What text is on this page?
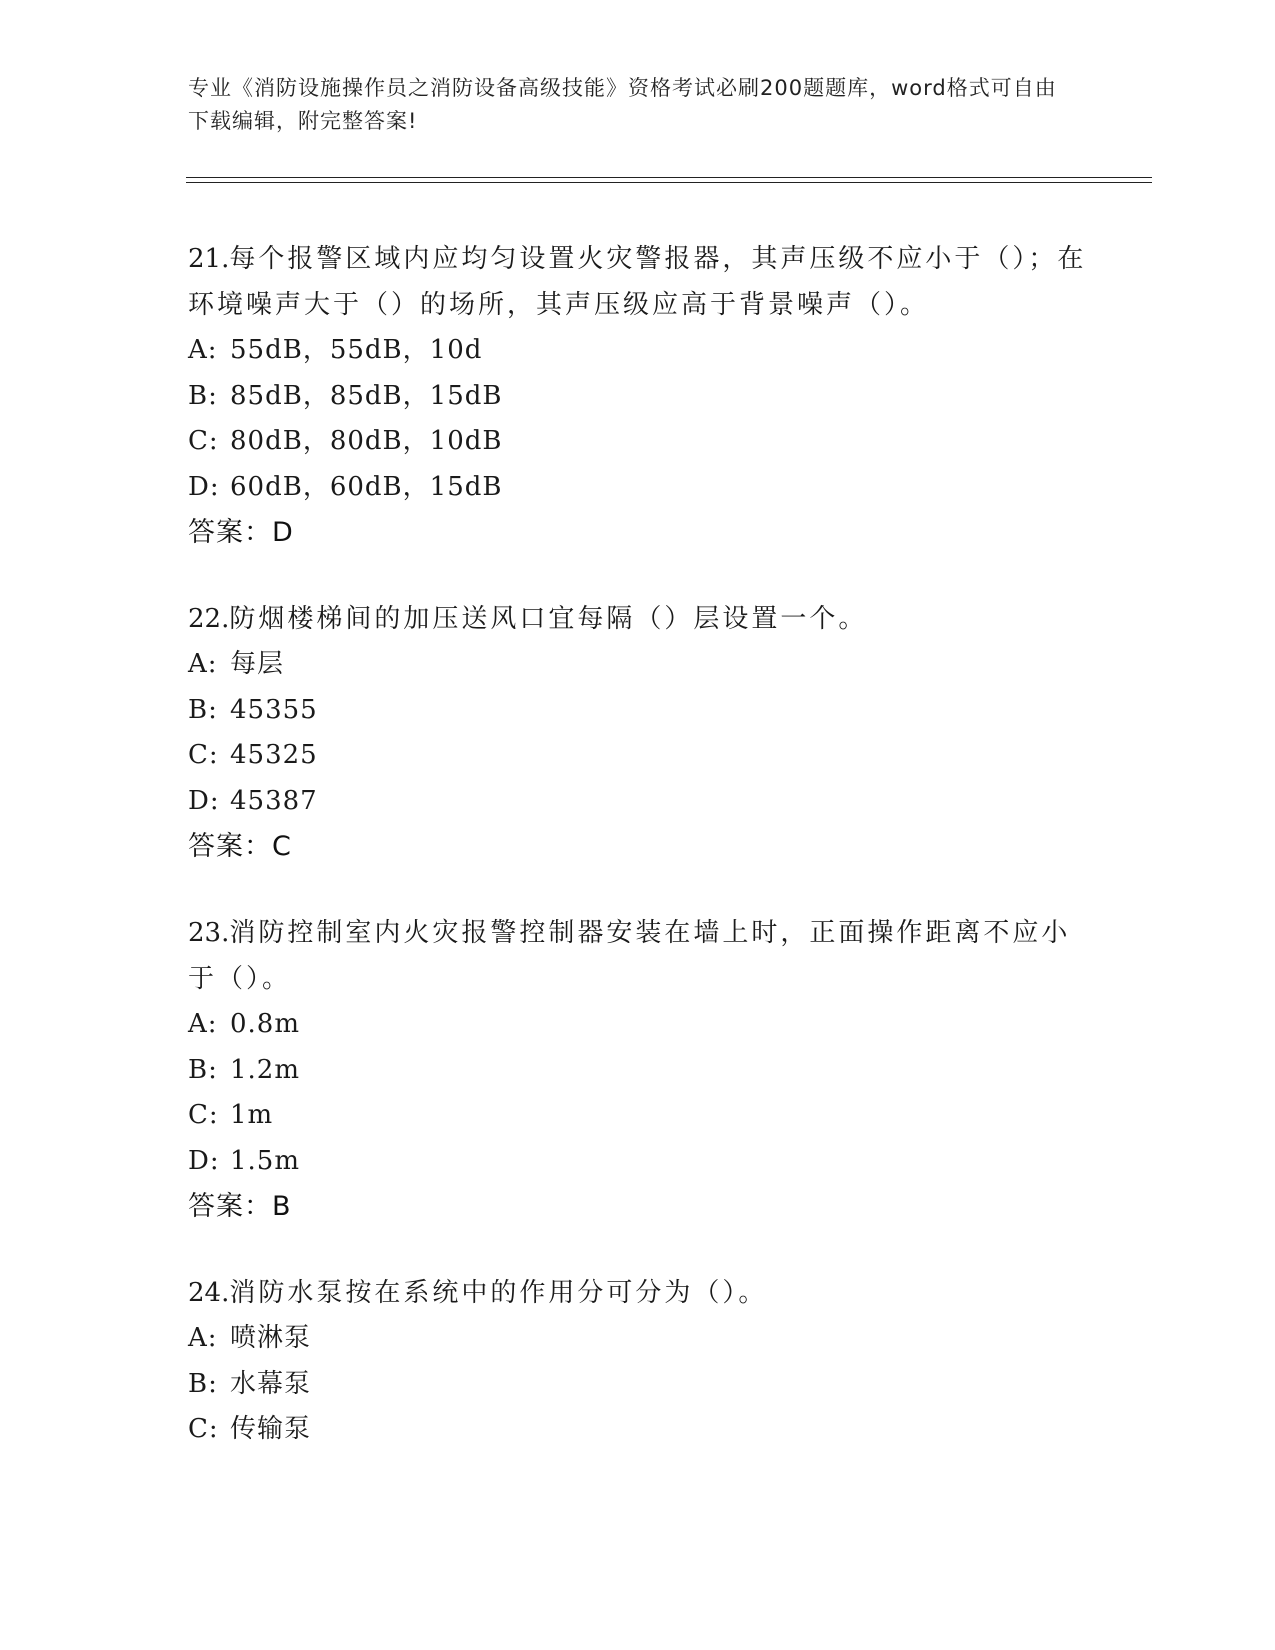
专业《消防设施操作员之消防设备高级技能》资格考试必刷200题题库，word格式可自由下载编辑，附完整答案!
21.每个报警区域内应均匀设置火灾警报器，其声压级不应小于（）；在环境噪声大于（）的场所，其声压级应高于背景噪声（）。
A: 55dB，55dB，10d
B: 85dB，85dB，15dB
C: 80dB，80dB，10dB
D: 60dB，60dB，15dB
答案：D
22.防烟楼梯间的加压送风口宜每隔（）层设置一个。
A: 每层
B: 45355
C: 45325
D: 45387
答案：C
23.消防控制室内火灾报警控制器安装在墙上时，正面操作距离不应小于（）。
A: 0.8m
B: 1.2m
C: 1m
D: 1.5m
答案：B
24.消防水泵按在系统中的作用分可分为（）。
A: 喷淋泵
B: 水幕泵
C: 传输泵
